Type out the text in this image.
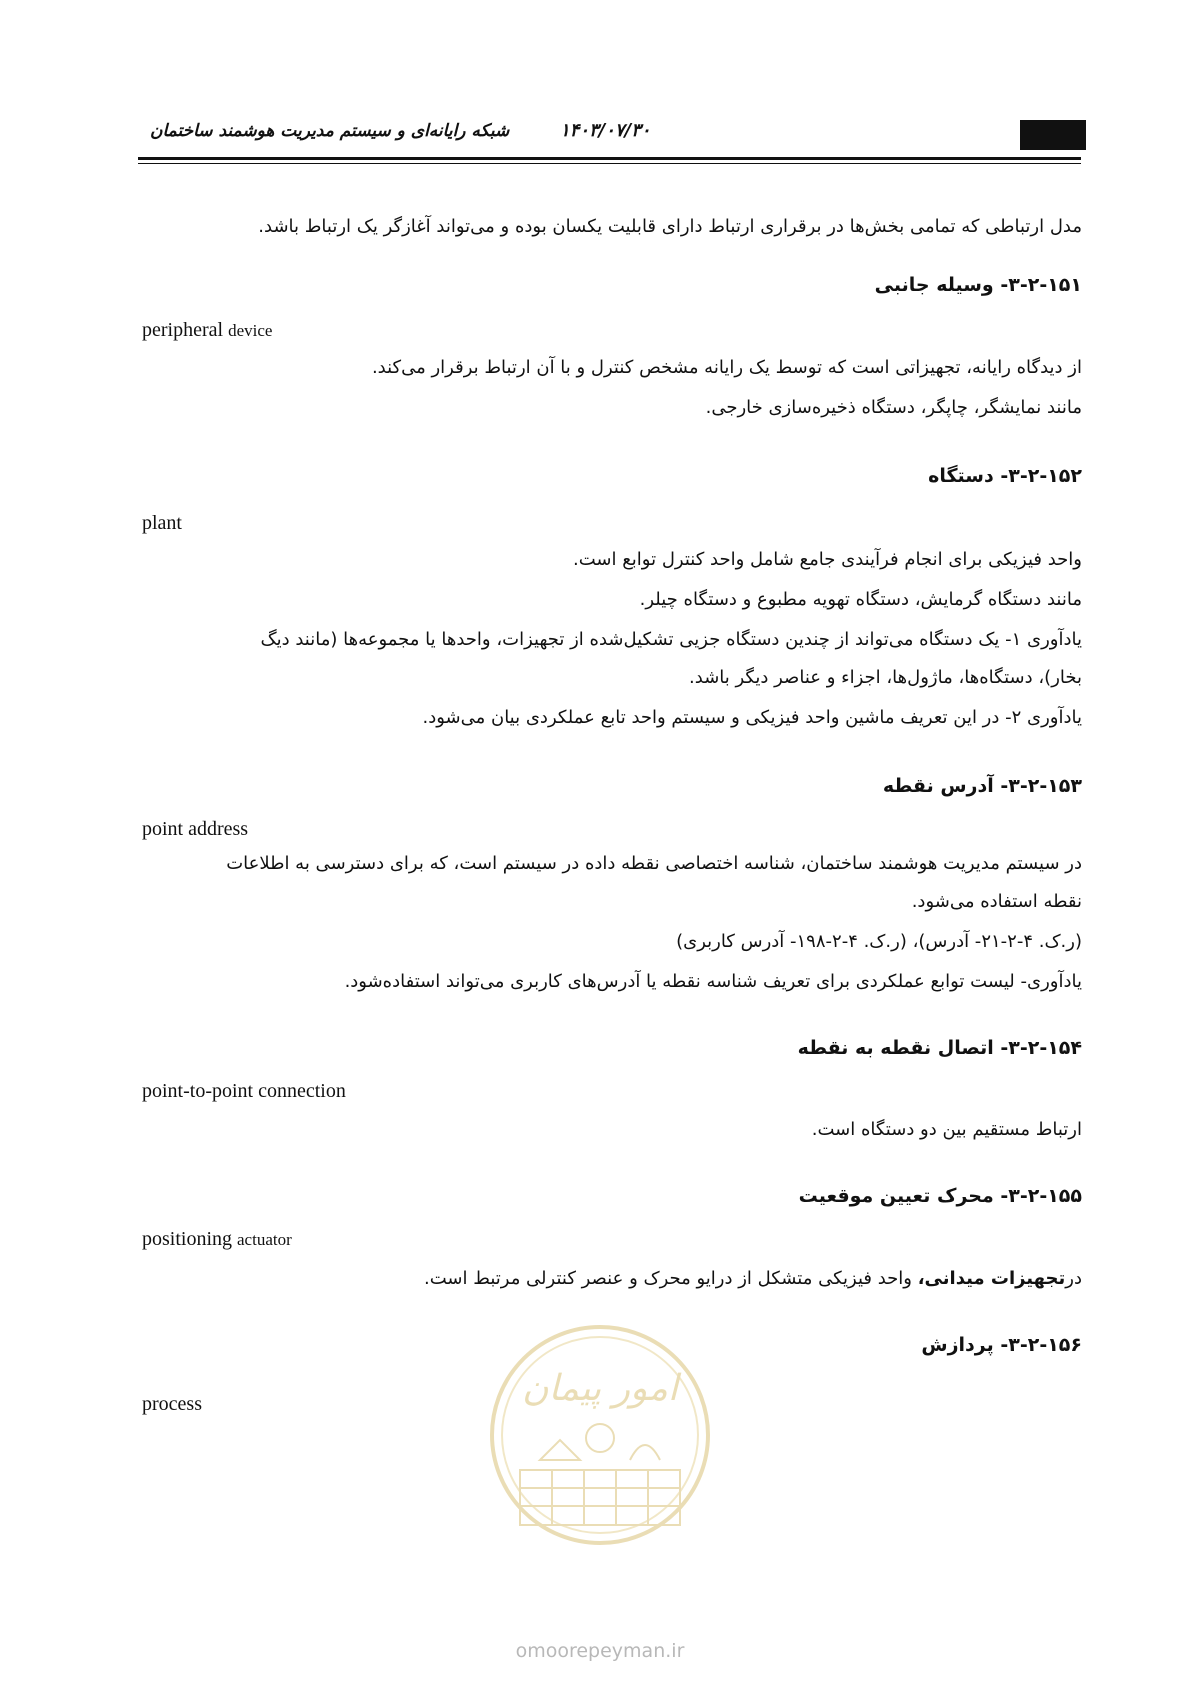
۱۴۰۳/۰۷/۳۰
شبکه رایانه‌ای و سیستم مدیریت هوشمند ساختمان

مدل ارتباطی که تمامی بخش‌ها در برقراری ارتباط دارای قابلیت یکسان بوده و می‌تواند آغازگر یک ارتباط باشد.

۳-۲-۱۵۱- وسیله جانبی

peripheral device

از دیدگاه رایانه، تجهیزاتی است که توسط یک رایانه مشخص کنترل و با آن ارتباط برقرار می‌کند.

مانند نمایشگر، چاپگر، دستگاه ذخیره‌سازی خارجی.

۳-۲-۱۵۲- دستگاه

plant

واحد فیزیکی برای انجام فرآیندی جامع شامل واحد کنترل توابع است.

مانند دستگاه گرمایش، دستگاه تهویه مطبوع و دستگاه چیلر.

یادآوری ۱- یک دستگاه می‌تواند از چندین دستگاه جزیی تشکیل‌شده از تجهیزات، واحدها یا مجموعه‌ها (مانند دیگ

بخار)، دستگاه‌ها، ماژول‌ها، اجزاء و عناصر دیگر باشد.

یادآوری ۲- در این تعریف ماشین واحد فیزیکی و سیستم واحد تابع عملکردی بیان می‌شود.

۳-۲-۱۵۳- آدرس نقطه

point address

در سیستم مدیریت هوشمند ساختمان، شناسه اختصاصی نقطه داده در سیستم است، که برای دسترسی به اطلاعات

نقطه استفاده می‌شود.

(ر.ک. ۴-۲-۲۱- آدرس)، (ر.ک. ۴-۲-۱۹۸- آدرس کاربری)

یادآوری- لیست توابع عملکردی برای تعریف شناسه نقطه یا آدرس‌های کاربری می‌تواند استفاده‌شود.

۳-۲-۱۵۴- اتصال نقطه به نقطه

point-to-point connection

ارتباط مستقیم بین دو دستگاه است.

۳-۲-۱۵۵- محرک تعیین موقعیت

positioning actuator

درتجهیزات میدانی، واحد فیزیکی متشکل از درایو محرک و عنصر کنترلی مرتبط است.

۳-۲-۱۵۶- پردازش

process	امور پیمان
omoorepeyman.ir
